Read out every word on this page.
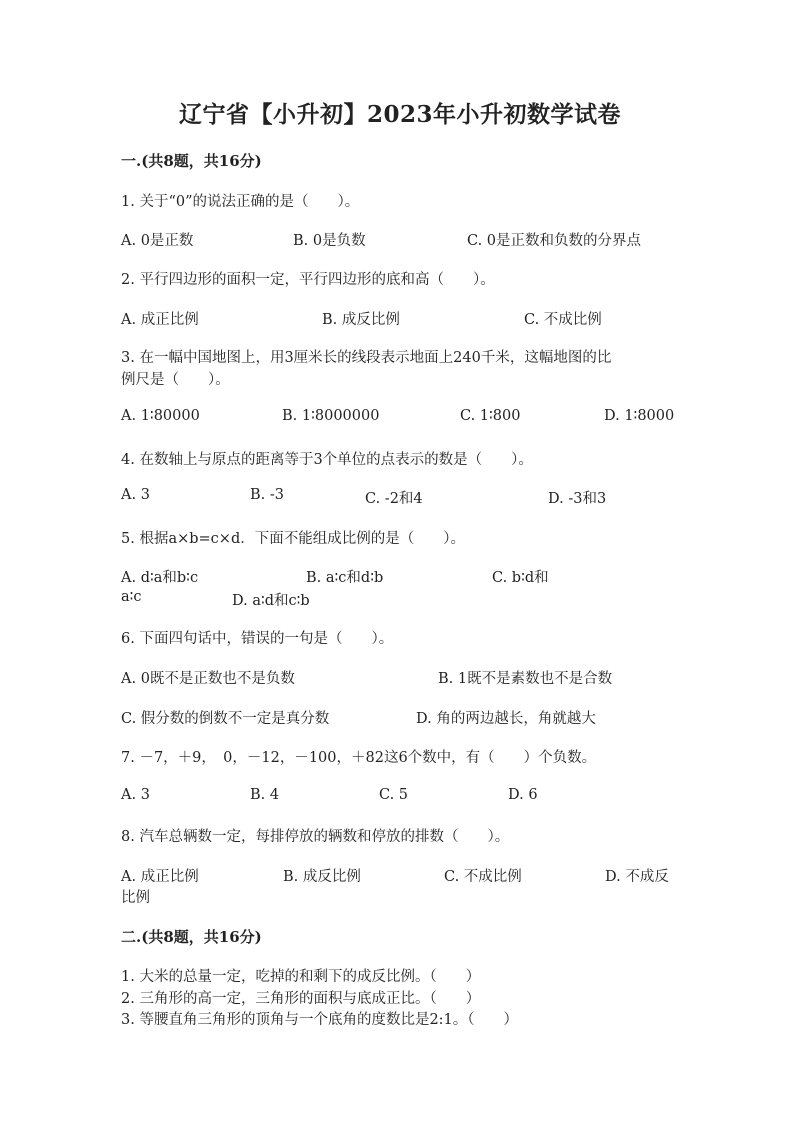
辽宁省【小升初】2023年小升初数学试卷
一.(共8题，共16分)
1. 关于“0”的说法正确的是（　　）。
A. 0是正数	B. 0是负数	C. 0是正数和负数的分界点
2. 平行四边形的面积一定，平行四边形的底和高（　　）。
A. 成正比例	B. 成反比例	C. 不成比例
3. 在一幅中国地图上，用3厘米长的线段表示地面上240千米，这幅地图的比
例尺是（　　）。
A. 1∶80000	B. 1∶8000000	C. 1∶800	D. 1∶8000
4. 在数轴上与原点的距离等于3个单位的点表示的数是（　　）。
A. 3	B. -3	C. -2和4	D. -3和3
5. 根据a×b=c×d．下面不能组成比例的是（　　）。
A. d∶a和b∶c	B. a∶c和d∶b	C. b∶d和
a∶c	D. a∶d和c∶b
6. 下面四句话中，错误的一句是（　　）。
A. 0既不是正数也不是负数	B. 1既不是素数也不是合数
C. 假分数的倒数不一定是真分数	D. 角的两边越长，角就越大
7. －7，＋9，　0，－12，－100，＋82这6个数中，有（　　）个负数。
A. 3	B. 4	C. 5	D. 6
8. 汽车总辆数一定，每排停放的辆数和停放的排数（　　）。
A. 成正比例	B. 成反比例	C. 不成比例	D. 不成反
比例
二.(共8题，共16分)
1. 大米的总量一定，吃掉的和剩下的成反比例。（　　）
2. 三角形的高一定，三角形的面积与底成正比。（　　）
3. 等腰直角三角形的顶角与一个底角的度数比是2:1。（　　）
